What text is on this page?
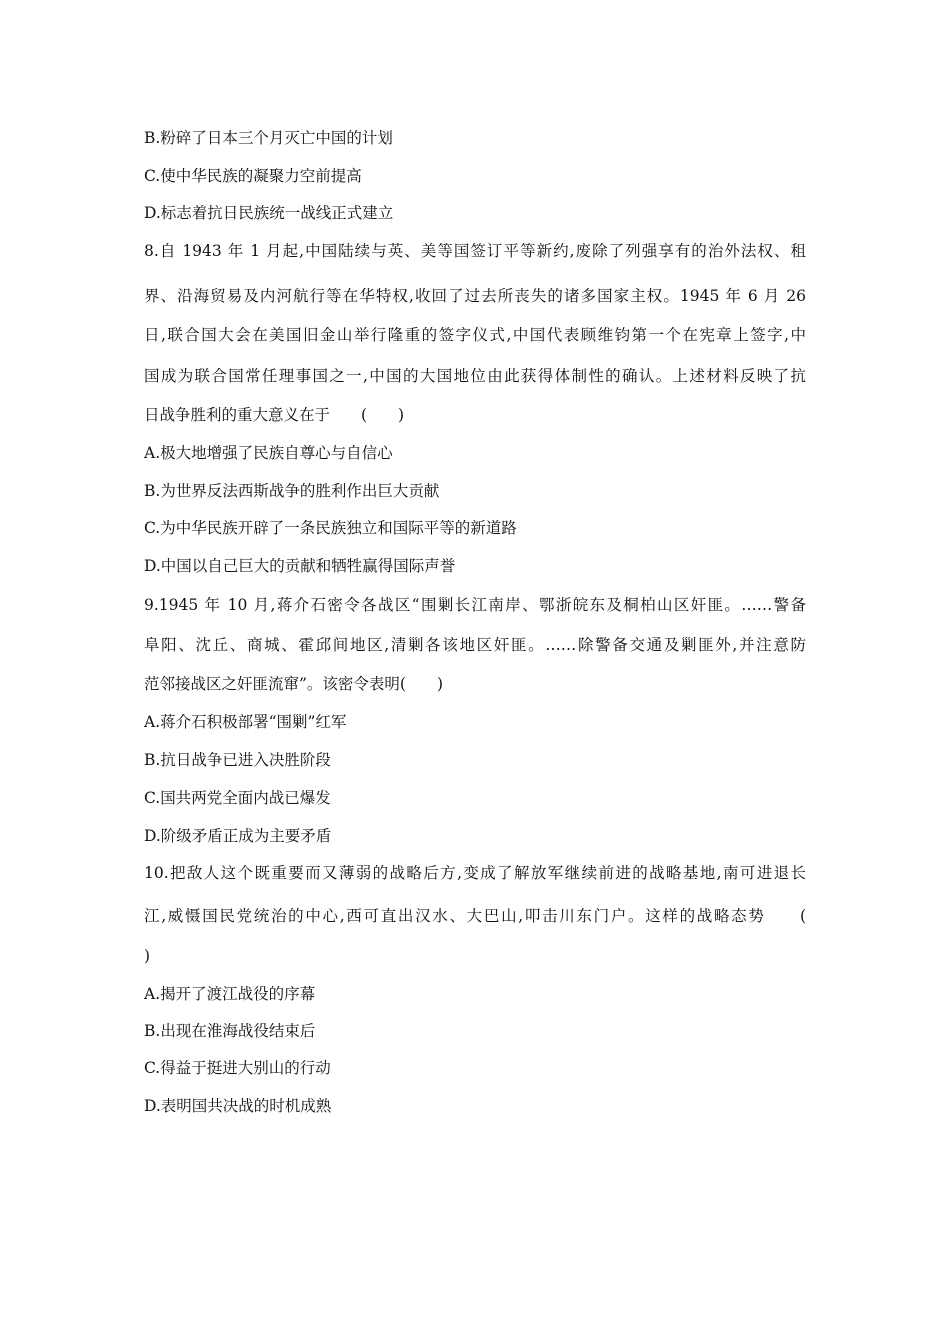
B.粉碎了日本三个月灭亡中国的计划
C.使中华民族的凝聚力空前提高
D.标志着抗日民族统一战线正式建立
8.自 1943 年 1 月起,中国陆续与英、美等国签订平等新约,废除了列强享有的治外法权、租
界、沿海贸易及内河航行等在华特权,收回了过去所丧失的诸多国家主权。1945 年 6 月 26
日,联合国大会在美国旧金山举行隆重的签字仪式,中国代表顾维钧第一个在宪章上签字,中
国成为联合国常任理事国之一,中国的大国地位由此获得体制性的确认。上述材料反映了抗
日战争胜利的重大意义在于　　(　　)
A.极大地增强了民族自尊心与自信心
B.为世界反法西斯战争的胜利作出巨大贡献
C.为中华民族开辟了一条民族独立和国际平等的新道路
D.中国以自己巨大的贡献和牺牲赢得国际声誉
9.1945 年 10 月,蒋介石密令各战区“围剿长江南岸、鄂浙皖东及桐柏山区奸匪。……警备
阜阳、沈丘、商城、霍邱间地区,清剿各该地区奸匪。……除警备交通及剿匪外,并注意防
范邻接战区之奸匪流窜”。该密令表明(　　)
A.蒋介石积极部署“围剿”红军
B.抗日战争已进入决胜阶段
C.国共两党全面内战已爆发
D.阶级矛盾正成为主要矛盾
10.把敌人这个既重要而又薄弱的战略后方,变成了解放军继续前进的战略基地,南可进退长
江,威慑国民党统治的中心,西可直出汉水、大巴山,叩击川东门户。这样的战略态势　　(
)
A.揭开了渡江战役的序幕
B.出现在淮海战役结束后
C.得益于挺进大别山的行动
D.表明国共决战的时机成熟
